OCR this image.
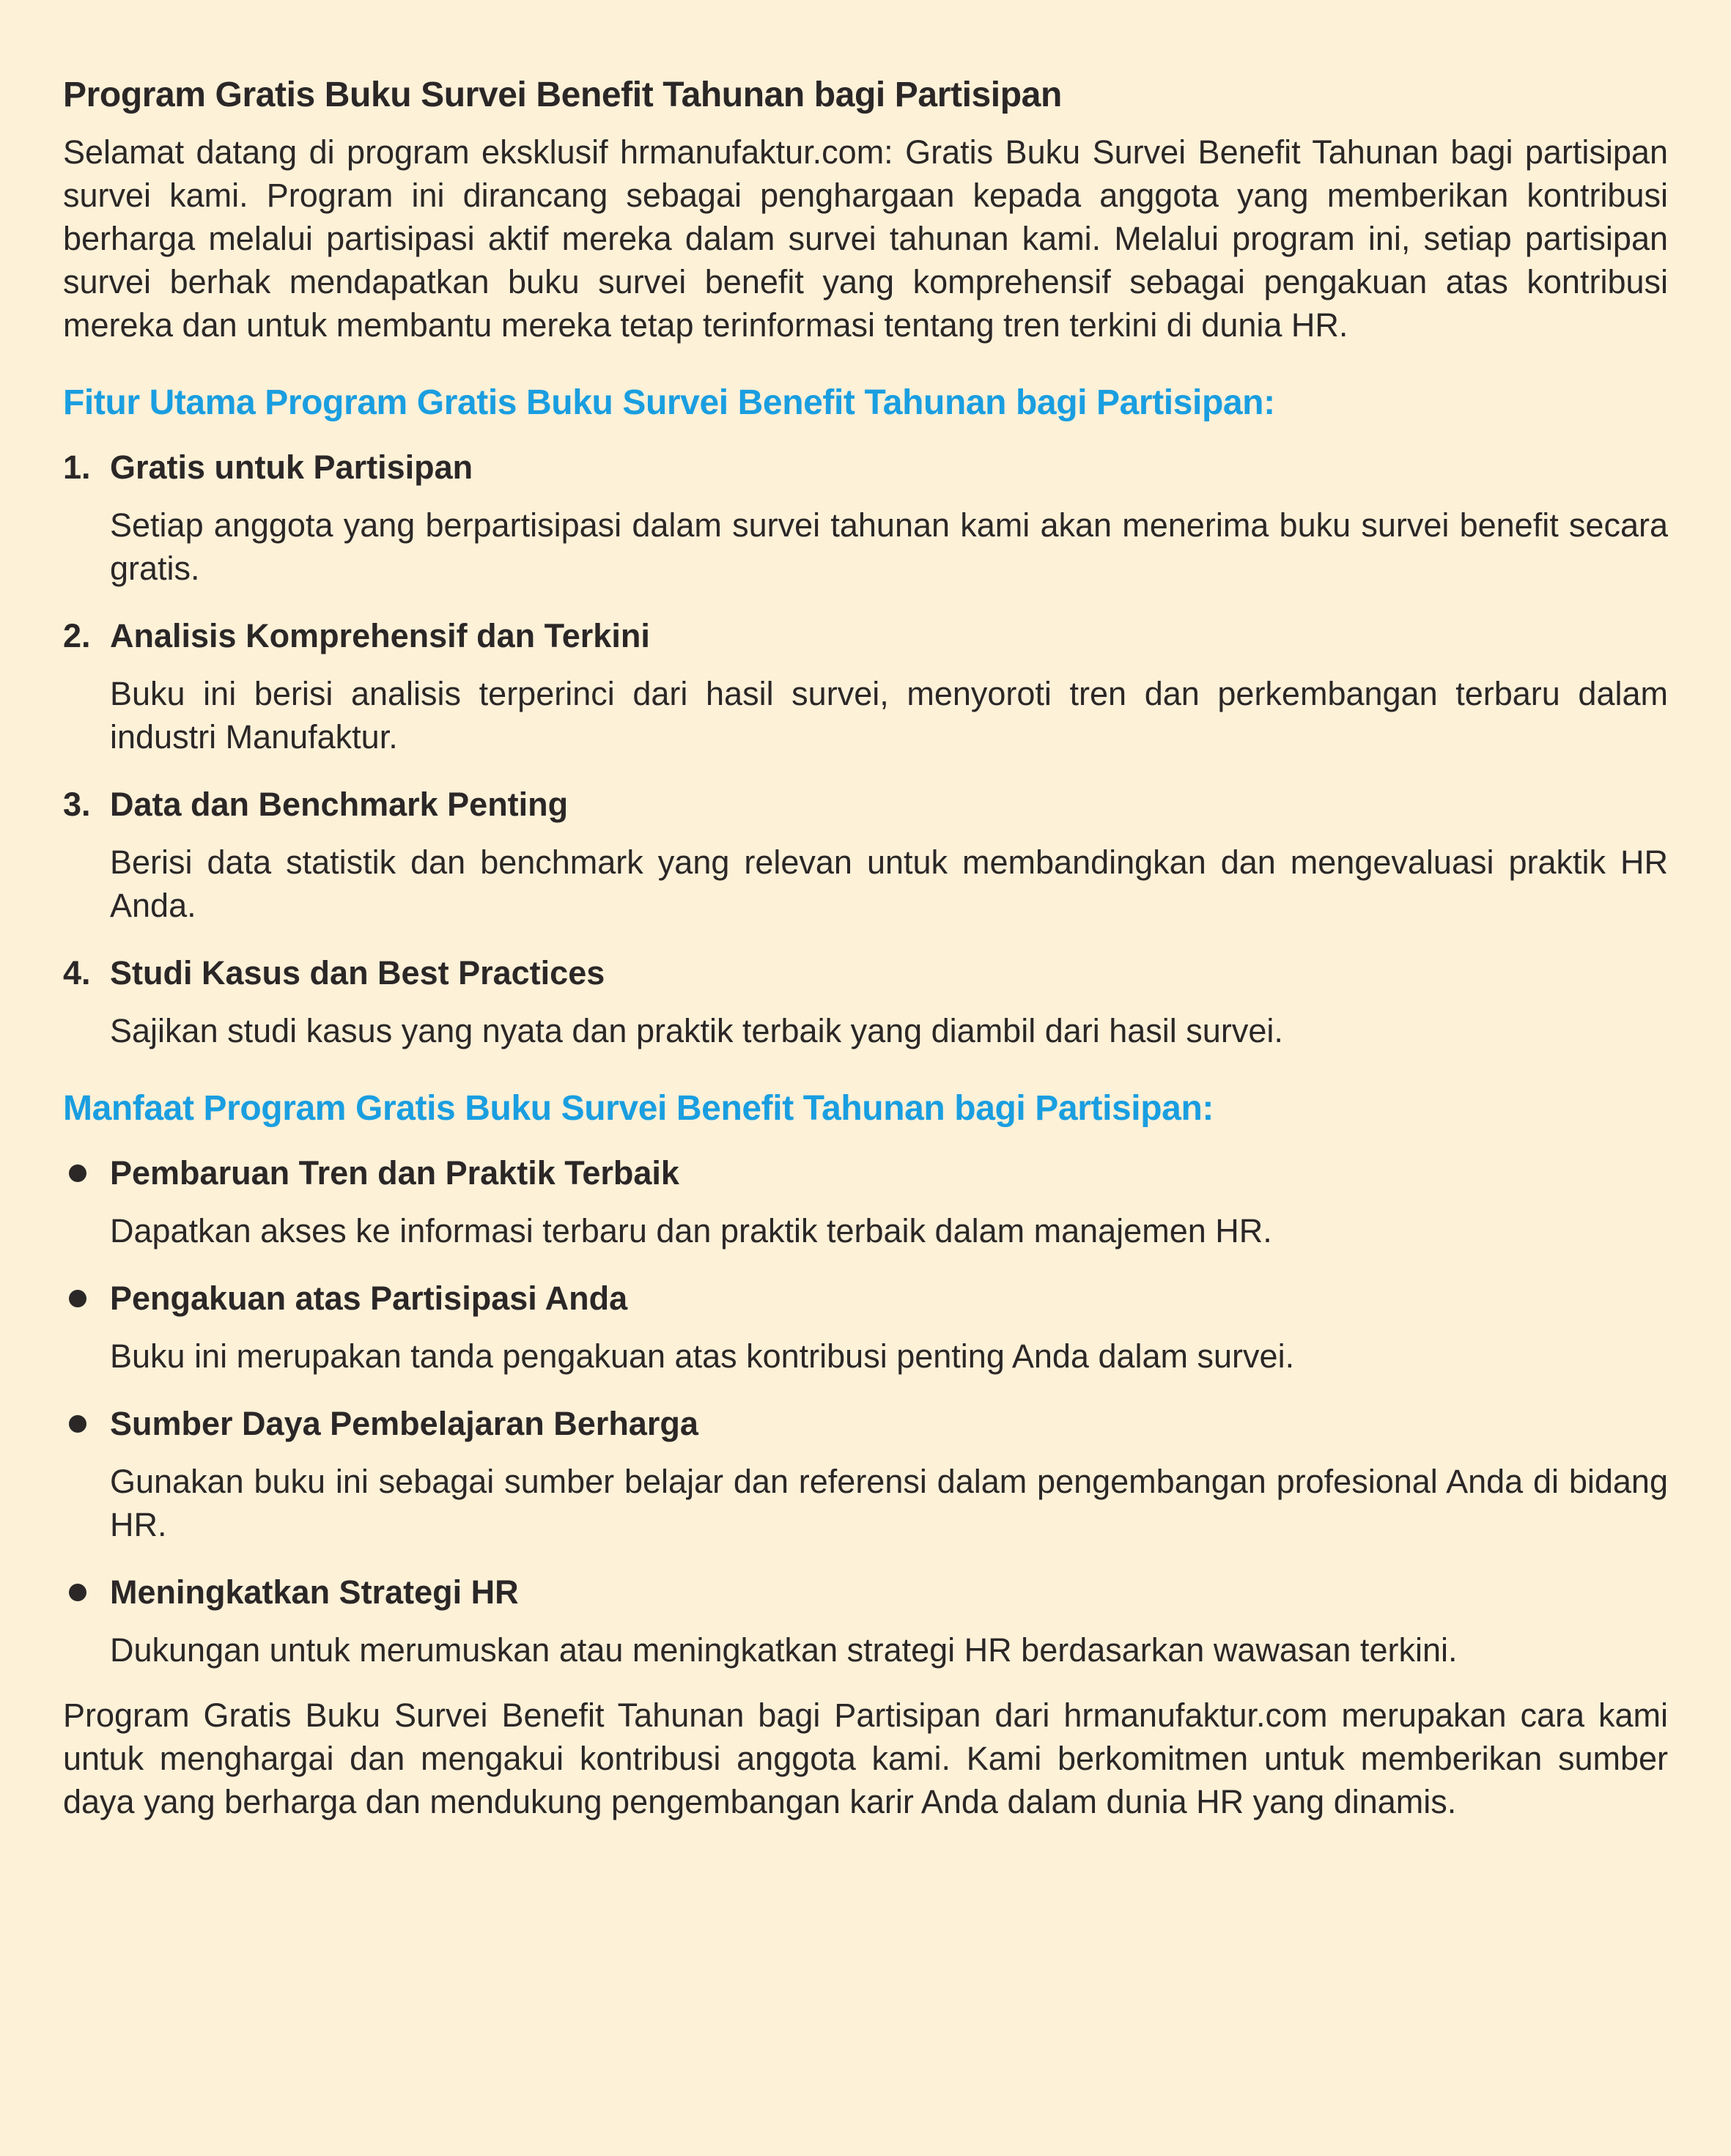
Program Gratis Buku Survei Benefit Tahunan bagi Partisipan

Selamat datang di program eksklusif hrmanufaktur.com: Gratis Buku Survei Benefit Tahunan bagi partisipan survei kami. Program ini dirancang sebagai penghargaan kepada anggota yang memberikan kontribusi berharga melalui partisipasi aktif mereka dalam survei tahunan kami. Melalui program ini, setiap partisipan survei berhak mendapatkan buku survei benefit yang komprehensif sebagai pengakuan atas kontribusi mereka dan untuk membantu mereka tetap terinformasi tentang tren terkini di dunia HR.

Fitur Utama Program Gratis Buku Survei Benefit Tahunan bagi Partisipan:
1. Gratis untuk Partisipan
Setiap anggota yang berpartisipasi dalam survei tahunan kami akan menerima buku survei benefit secara gratis.
2. Analisis Komprehensif dan Terkini
Buku ini berisi analisis terperinci dari hasil survei, menyoroti tren dan perkembangan terbaru dalam industri Manufaktur.
3. Data dan Benchmark Penting
Berisi data statistik dan benchmark yang relevan untuk membandingkan dan mengevaluasi praktik HR Anda.
4. Studi Kasus dan Best Practices
Sajikan studi kasus yang nyata dan praktik terbaik yang diambil dari hasil survei.
Manfaat Program Gratis Buku Survei Benefit Tahunan bagi Partisipan:
Pembaruan Tren dan Praktik Terbaik
Dapatkan akses ke informasi terbaru dan praktik terbaik dalam manajemen HR.
Pengakuan atas Partisipasi Anda
Buku ini merupakan tanda pengakuan atas kontribusi penting Anda dalam survei.
Sumber Daya Pembelajaran Berharga
Gunakan buku ini sebagai sumber belajar dan referensi dalam pengembangan profesional Anda di bidang HR.
Meningkatkan Strategi HR
Dukungan untuk merumuskan atau meningkatkan strategi HR berdasarkan wawasan terkini.

Program Gratis Buku Survei Benefit Tahunan bagi Partisipan dari hrmanufaktur.com merupakan cara kami untuk menghargai dan mengakui kontribusi anggota kami. Kami berkomitmen untuk memberikan sumber daya yang berharga dan mendukung pengembangan karir Anda dalam dunia HR yang dinamis.
